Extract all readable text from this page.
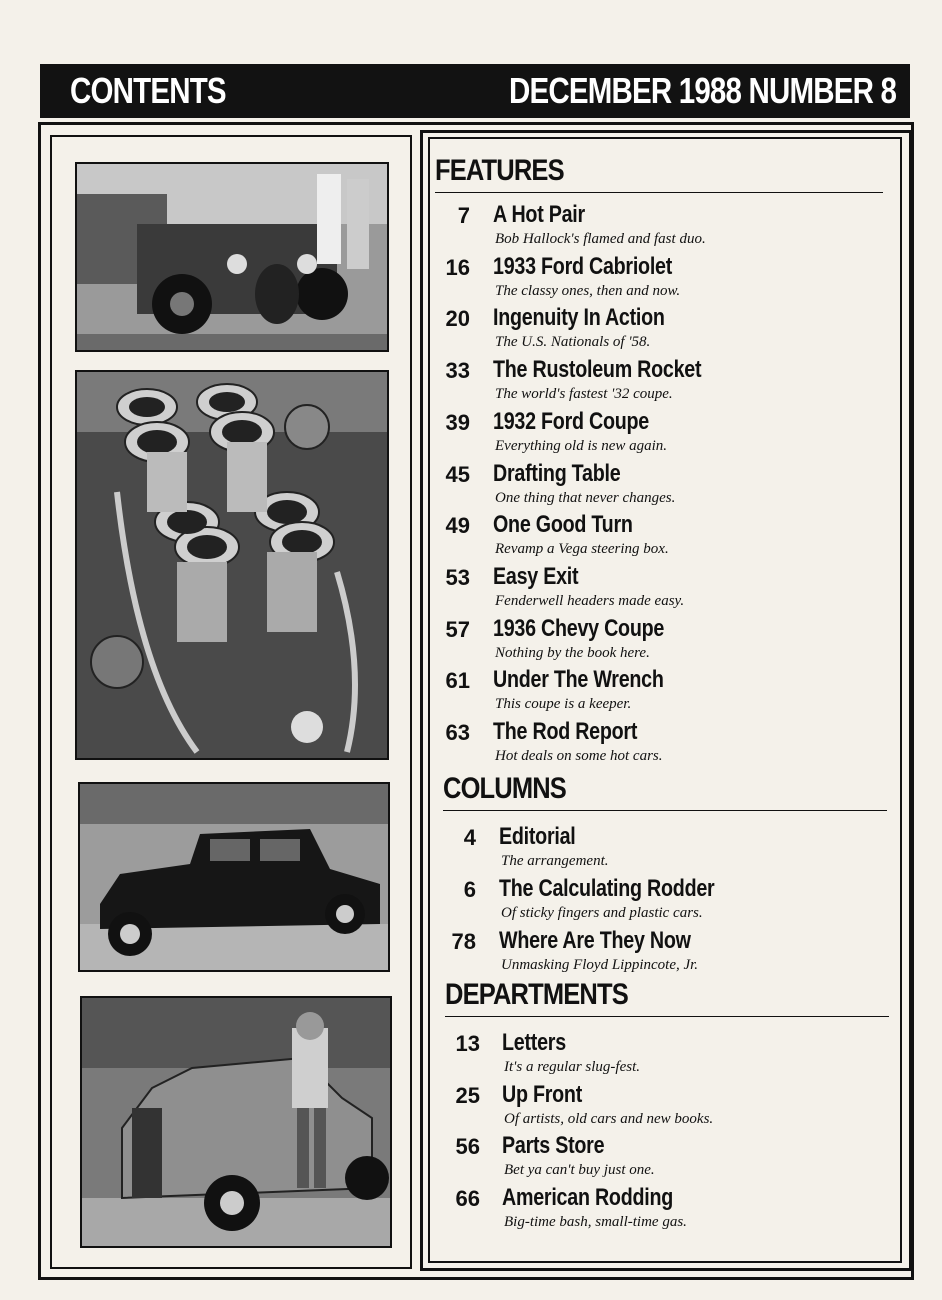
CONTENTS	DECEMBER 1988 NUMBER 8
FEATURES
7 A Hot Pair
Bob Hallock's flamed and fast duo.
16 1933 Ford Cabriolet
The classy ones, then and now.
20 Ingenuity In Action
The U.S. Nationals of '58.
33 The Rustoleum Rocket
The world's fastest '32 coupe.
39 1932 Ford Coupe
Everything old is new again.
45 Drafting Table
One thing that never changes.
49 One Good Turn
Revamp a Vega steering box.
53 Easy Exit
Fenderwell headers made easy.
57 1936 Chevy Coupe
Nothing by the book here.
61 Under The Wrench
This coupe is a keeper.
63 The Rod Report
Hot deals on some hot cars.
COLUMNS
4 Editorial
The arrangement.
6 The Calculating Rodder
Of sticky fingers and plastic cars.
78 Where Are They Now
Unmasking Floyd Lippincote, Jr.
DEPARTMENTS
13 Letters
It's a regular slug-fest.
25 Up Front
Of artists, old cars and new books.
56 Parts Store
Bet ya can't buy just one.
66 American Rodding
Big-time bash, small-time gas.
